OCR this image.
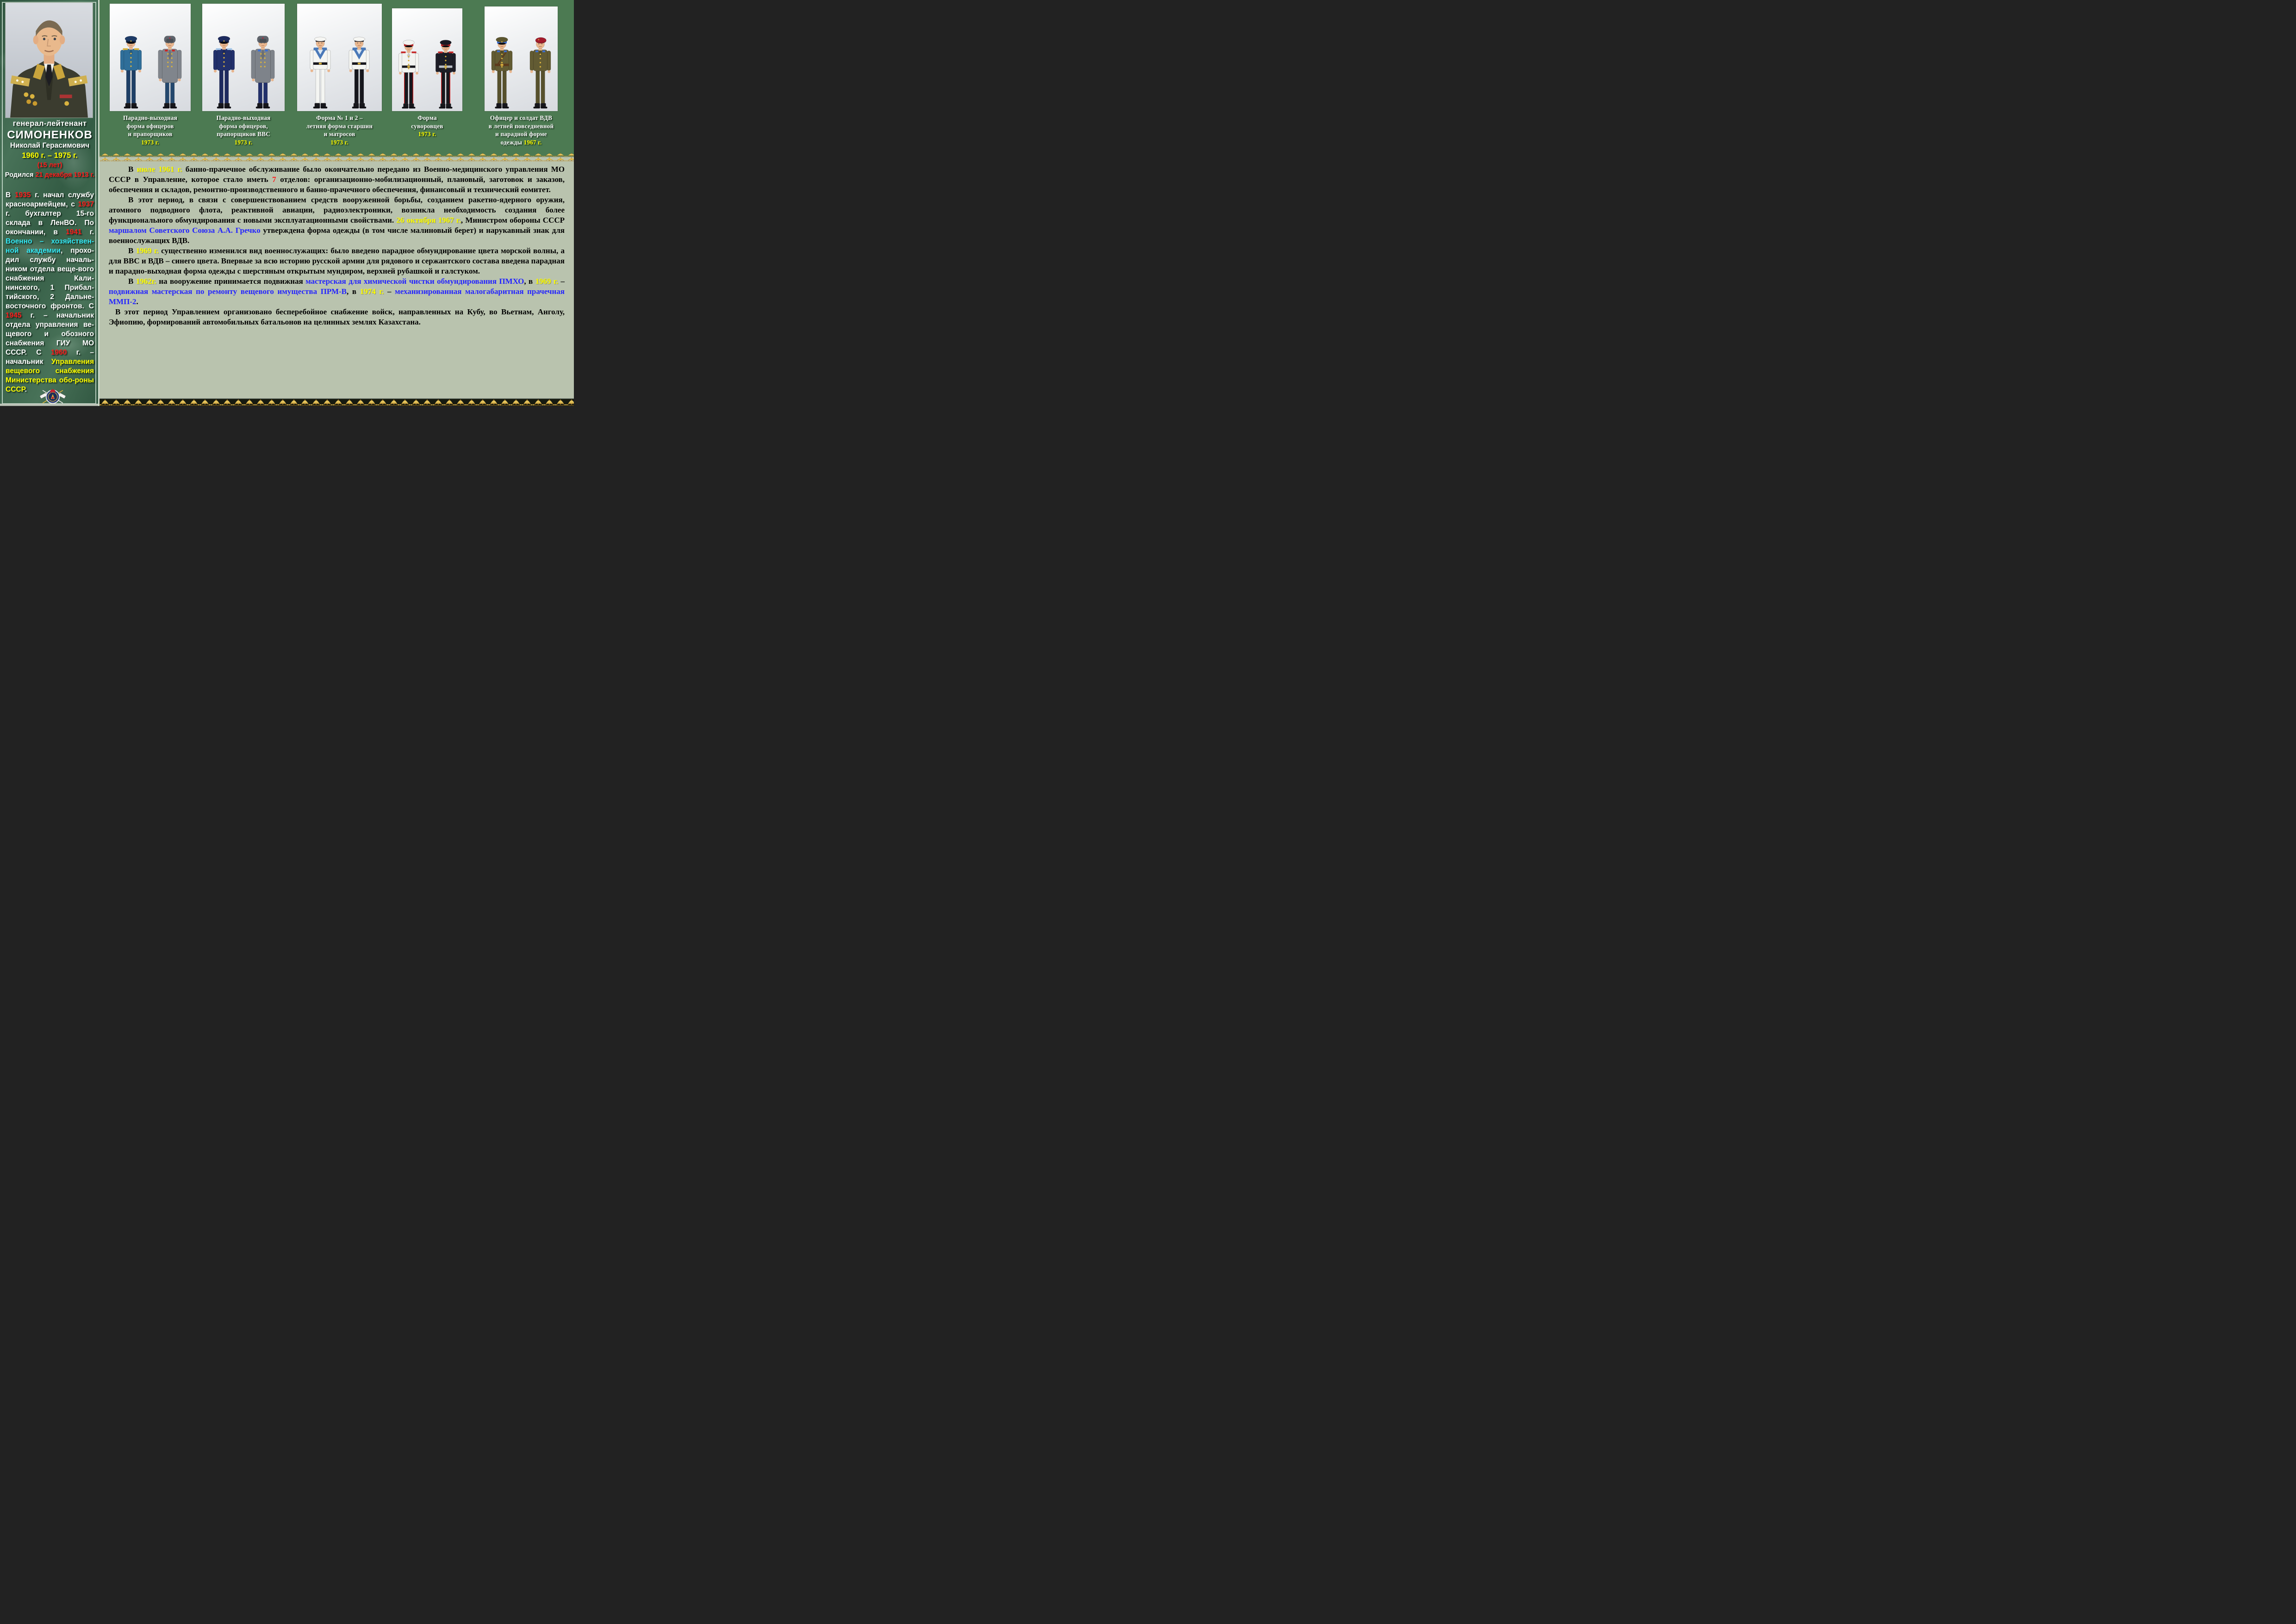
генерал-лейтенант
СИМОНЕНКОВ
Николай Герасимович
1960 г. – 1975 г.
(15 лет)
Родился 21 декабря 1913 г.
В 1935 г. начал службу красноармейцем, с 1937 г. бухгалтер 15-го склада в ЛенВО. По окончании, в 1941 г. Военно – хозяйствен-ной академии, прохо-дил службу началь-ником отдела веще-вого снабжения Кали-нинского, 1 Прибал-тийского, 2 Дальне-восточного фронтов. С 1945 г. – начальник отдела управления ве-щевого и обозного снабжения ГИУ МО СССР. С 1960 г. – начальник Управления вещевого снабжения Министерства обо-роны СССР.
Парадно-выходная
форма офицеров
и прапорщиков
1973 г.
Парадно-выходная
форма офицеров,
прапорщиков ВВС
1973 г.
Форма № 1 и 2 –
летняя форма старшин
и матросов
1973 г.
Форма
суворовцев
1973 г.
Офицер и солдат ВДВ
в летней повседневной
и парадной форме
одежды 1967 г.

В июле 1961 г. банно-прачечное обслуживание было окончательно передано из Военно-медицинского управления МО СССР в Управление, которое стало иметь 7 отделов: организационно-мобилизационный, плановый, заготовок и заказов, обеспечения и складов, ремонтно-производственного и банно-прачечного обеспечения, финансовый и технический еомитет.

В этот период, в связи с совершенствованием средств вооруженной борьбы, созданием ракетно-ядерного оружия, атомного подводного флота, реактивной авиации, радиоэлектроники, возникла необходимость создания более функционального обмундирования с новыми эксплуатационными свойствами. 26 октября 1967 г., Министром обороны СССР маршалом Советского Союза А.А. Гречко утверждена форма одежды (в том числе малиновый берет) и нарукавный знак для военнослужащих ВДВ.

В 1969 г. существенно изменился вид военнослужащих: было введено парадное обмундирование цвета морской волны, а для ВВС и ВДВ – синего цвета. Впервые за всю историю русской армии для рядового и сержантского состава введена парадная и парадно-выходная форма одежды с шерстяным открытым мундиром, верхней рубашкой и галстуком.

В 1962г. на вооружение принимается подвижная мастерская для химической чистки обмундирования ПМХО, в 1969 г. – подвижная мастерская по ремонту вещевого имущества ПРМ-В, в 1974 г. – механизированная малогабаритная прачечная ММП-2.

В этот период Управлением организовано бесперебойное снабжение войск, направленных на Кубу, во Вьетнам, Анголу, Эфиопию, формирований автомобильных батальонов на целинных землях Казахстана.
